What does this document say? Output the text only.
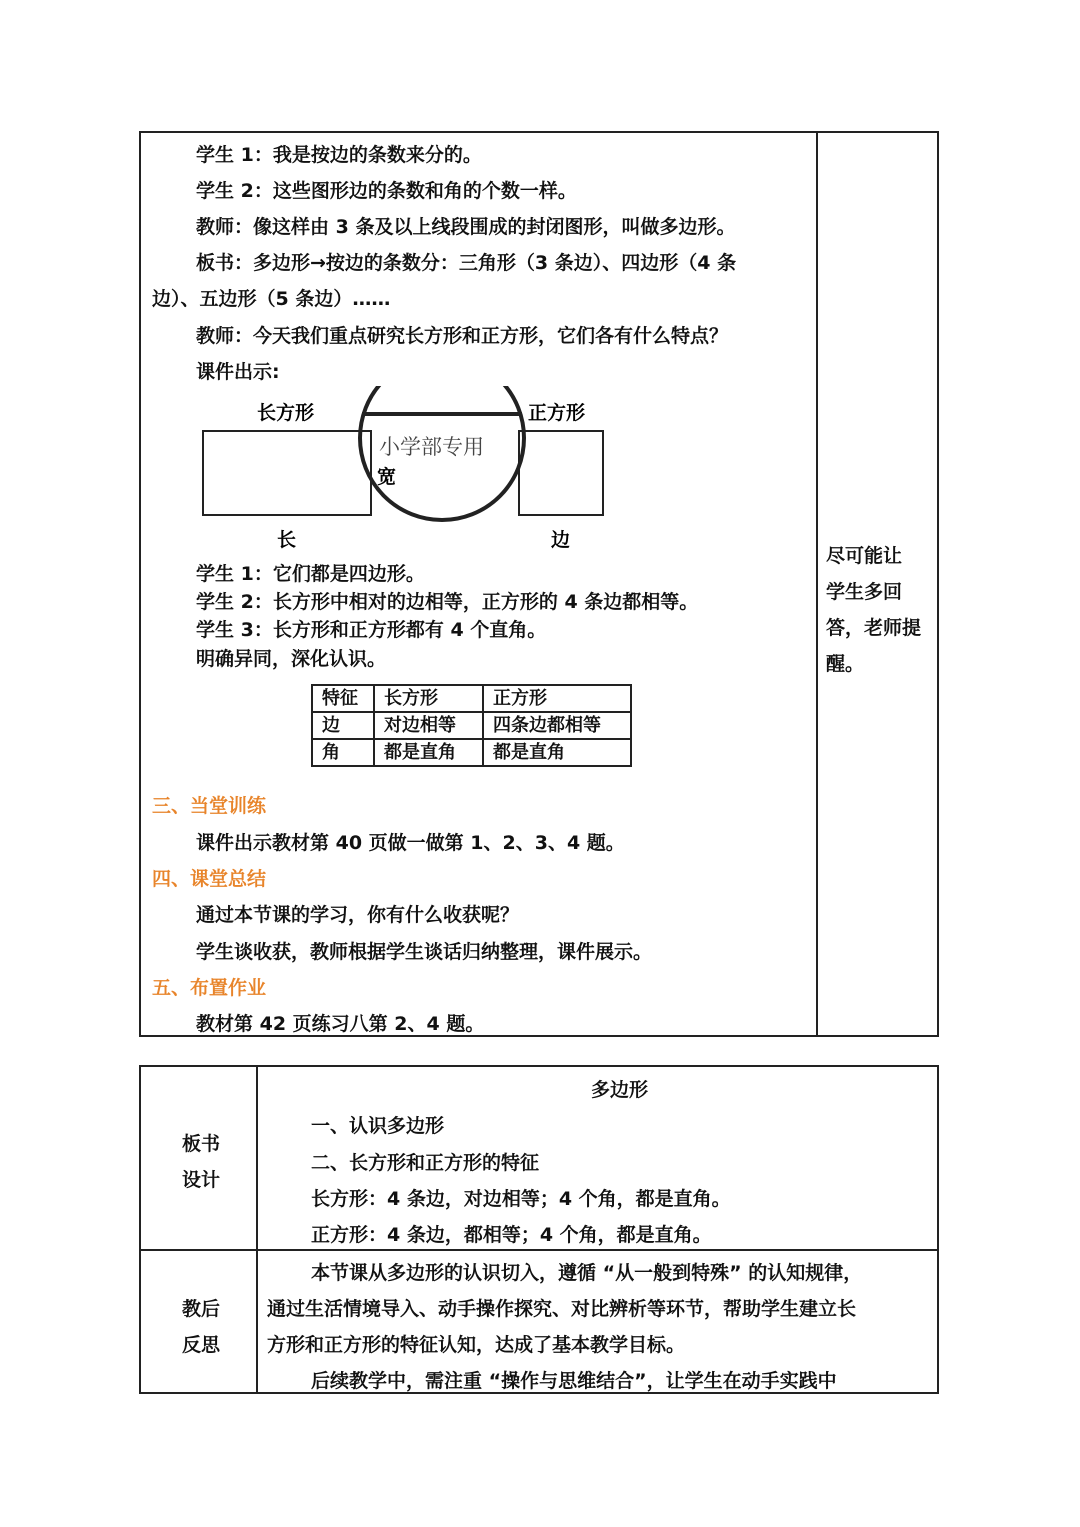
学生 1：我是按边的条数来分的。
学生 2：这些图形边的条数和角的个数一样。
教师：像这样由 3 条及以上线段围成的封闭图形，叫做多边形。
板书：多边形→按边的条数分：三角形（3 条边）、四边形（4 条
边）、五边形（5 条边）……
教师：今天我们重点研究长方形和正方形，它们各有什么特点？
课件出示:
长方形	正方形
小学部专用
宽
长	边
学生 1：它们都是四边形。
学生 2：长方形中相对的边相等，正方形的 4 条边都相等。
学生 3：长方形和正方形都有 4 个直角。
明确异同，深化认识。
特征	长方形	正方形
边	对边相等	四条边都相等
角	都是直角	都是直角
三、当堂训练
课件出示教材第 40 页做一做第 1、2、3、4 题。
四、课堂总结
通过本节课的学习，你有什么收获呢？
学生谈收获，教师根据学生谈话归纳整理，课件展示。
五、布置作业
教材第 42 页练习八第 2、4 题。
尽可能让
学生多回
答，老师提
醒。
板书
设计
多边形
一、认识多边形
二、长方形和正方形的特征
长方形：4 条边，对边相等；4 个角，都是直角。
正方形：4 条边，都相等；4 个角，都是直角。
教后
反思
本节课从多边形的认识切入，遵循 “从一般到特殊” 的认知规律，
通过生活情境导入、动手操作探究、对比辨析等环节，帮助学生建立长
方形和正方形的特征认知，达成了基本教学目标。
后续教学中，需注重 “操作与思维结合”，让学生在动手实践中
